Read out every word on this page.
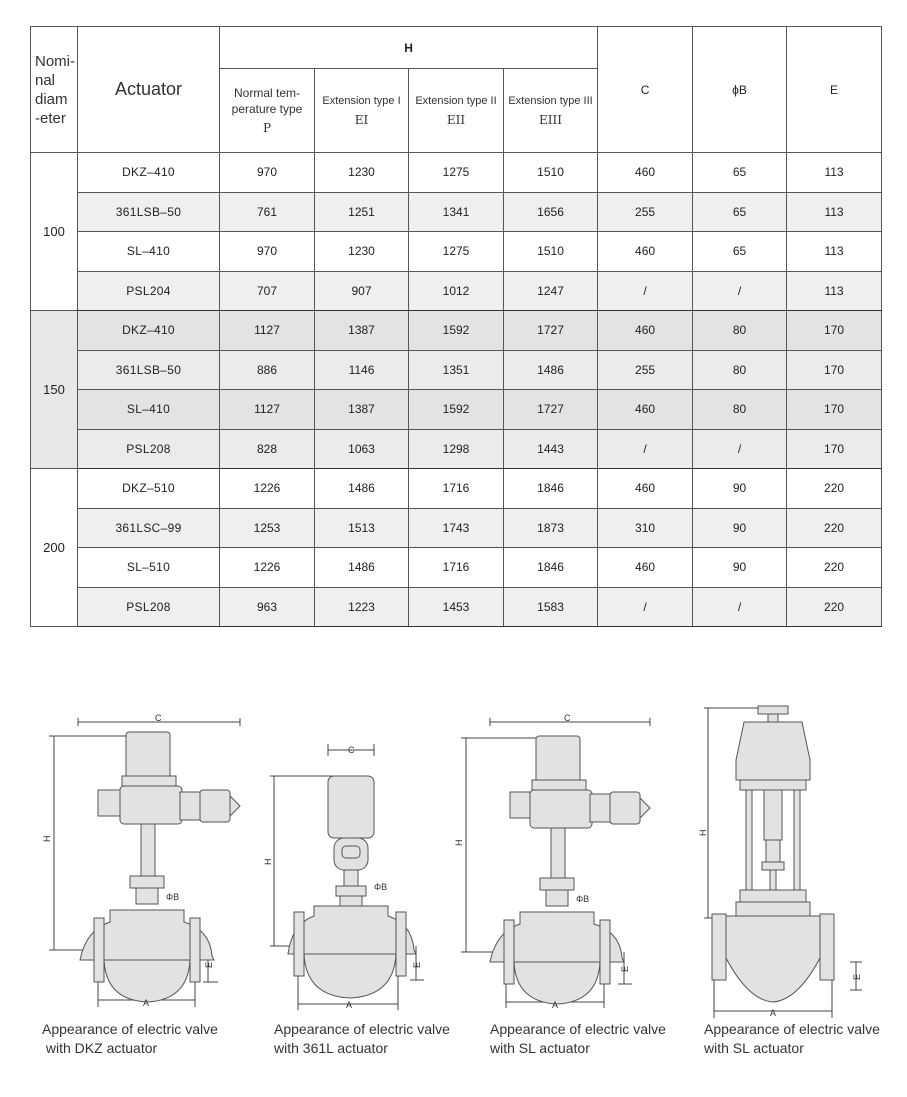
Nomi-
nal
diam
-eter	Actuator	H				C	ϕB	E

		Normal tem-
perature type
P	Extension type I
EI	Extension type II
EII	Extension type III
EIII			

100	DKZ–410	970	1230	1275	1510	460	65	113
	361LSB–50	761	1251	1341	1656	255	65	113
	SL–410	970	1230	1275	1510	460	65	113
	PSL204	707	907	1012	1247	/	/	113
150	DKZ–410	1127	1387	1592	1727	460	80	170
	361LSB–50	886	1146	1351	1486	255	80	170
	SL–410	1127	1387	1592	1727	460	80	170
	PSL208	828	1063	1298	1443	/	/	170
200	DKZ–510	1226	1486	1716	1846	460	90	220
	361LSC–99	1253	1513	1743	1873	310	90	220
	SL–510	1226	1486	1716	1846	460	90	220
	PSL208	963	1223	1453	1583	/	/	220
C
H
ΦB
E
A
Appearance of electric valve
with DKZ actuator
C
H
ΦB
E
A
Appearance of electric valve
with 361L actuator
C
H
ΦB
E
A
Appearance of electric valve
with SL actuator
H
E
A
Appearance of electric valve
with SL actuator
